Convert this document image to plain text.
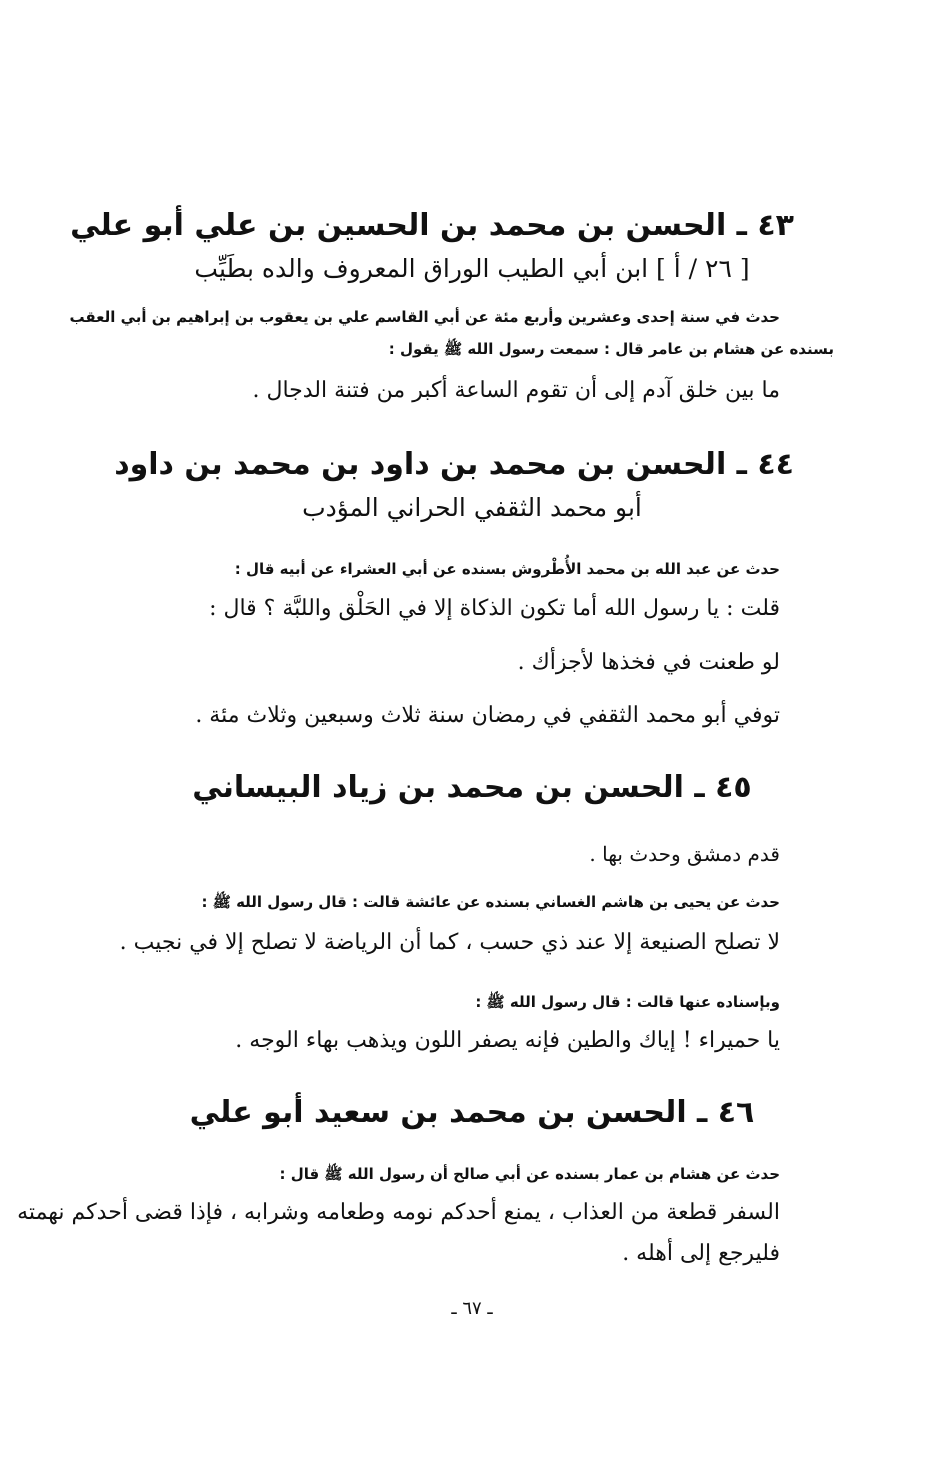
٤٣ ـ الحسن بن محمد بن الحسين بن علي أبو علي

[ ٢٦ / أ ] ابن أبي الطيب الوراق المعروف والده بطَيِّب

حدث في سنة إحدى وعشرين وأربع مئة عن أبي القاسم علي بن يعقوب بن إبراهيم بن أبي العقب

بسنده عن هشام بن عامر قال : سمعت رسول الله ﷺ يقول :

ما بين خلق آدم إلى أن تقوم الساعة أكبر من فتنة الدجال .

٤٤ ـ الحسن بن محمد بن داود بن محمد بن داود

أبو محمد الثقفي الحراني المؤدب

حدث عن عبد الله بن محمد الأُطْروش بسنده عن أبي العشراء عن أبيه قال :

قلت : يا رسول الله أما تكون الذكاة إلا في الحَلْق واللبَّة ؟ قال :

لو طعنت في فخذها لأجزأك .

توفي أبو محمد الثقفي في رمضان سنة ثلاث وسبعين وثلاث مئة .

٤٥ ـ الحسن بن محمد بن زياد البيساني

قدم دمشق وحدث بها .

حدث عن يحيى بن هاشم الغساني بسنده عن عائشة قالت : قال رسول الله ﷺ :

لا تصلح الصنيعة إلا عند ذي حسب ، كما أن الرياضة لا تصلح إلا في نجيب .

وبإسناده عنها قالت : قال رسول الله ﷺ :

يا حميراء ! إياك والطين فإنه يصفر اللون ويذهب بهاء الوجه .

٤٦ ـ الحسن بن محمد بن سعيد أبو علي

حدث عن هشام بن عمار بسنده عن أبي صالح أن رسول الله ﷺ قال :

السفر قطعة من العذاب ، يمنع أحدكم نومه وطعامه وشرابه ، فإذا قضى أحدكم نهمته

فليرجع إلى أهله .

ـ ٦٧ ـ
